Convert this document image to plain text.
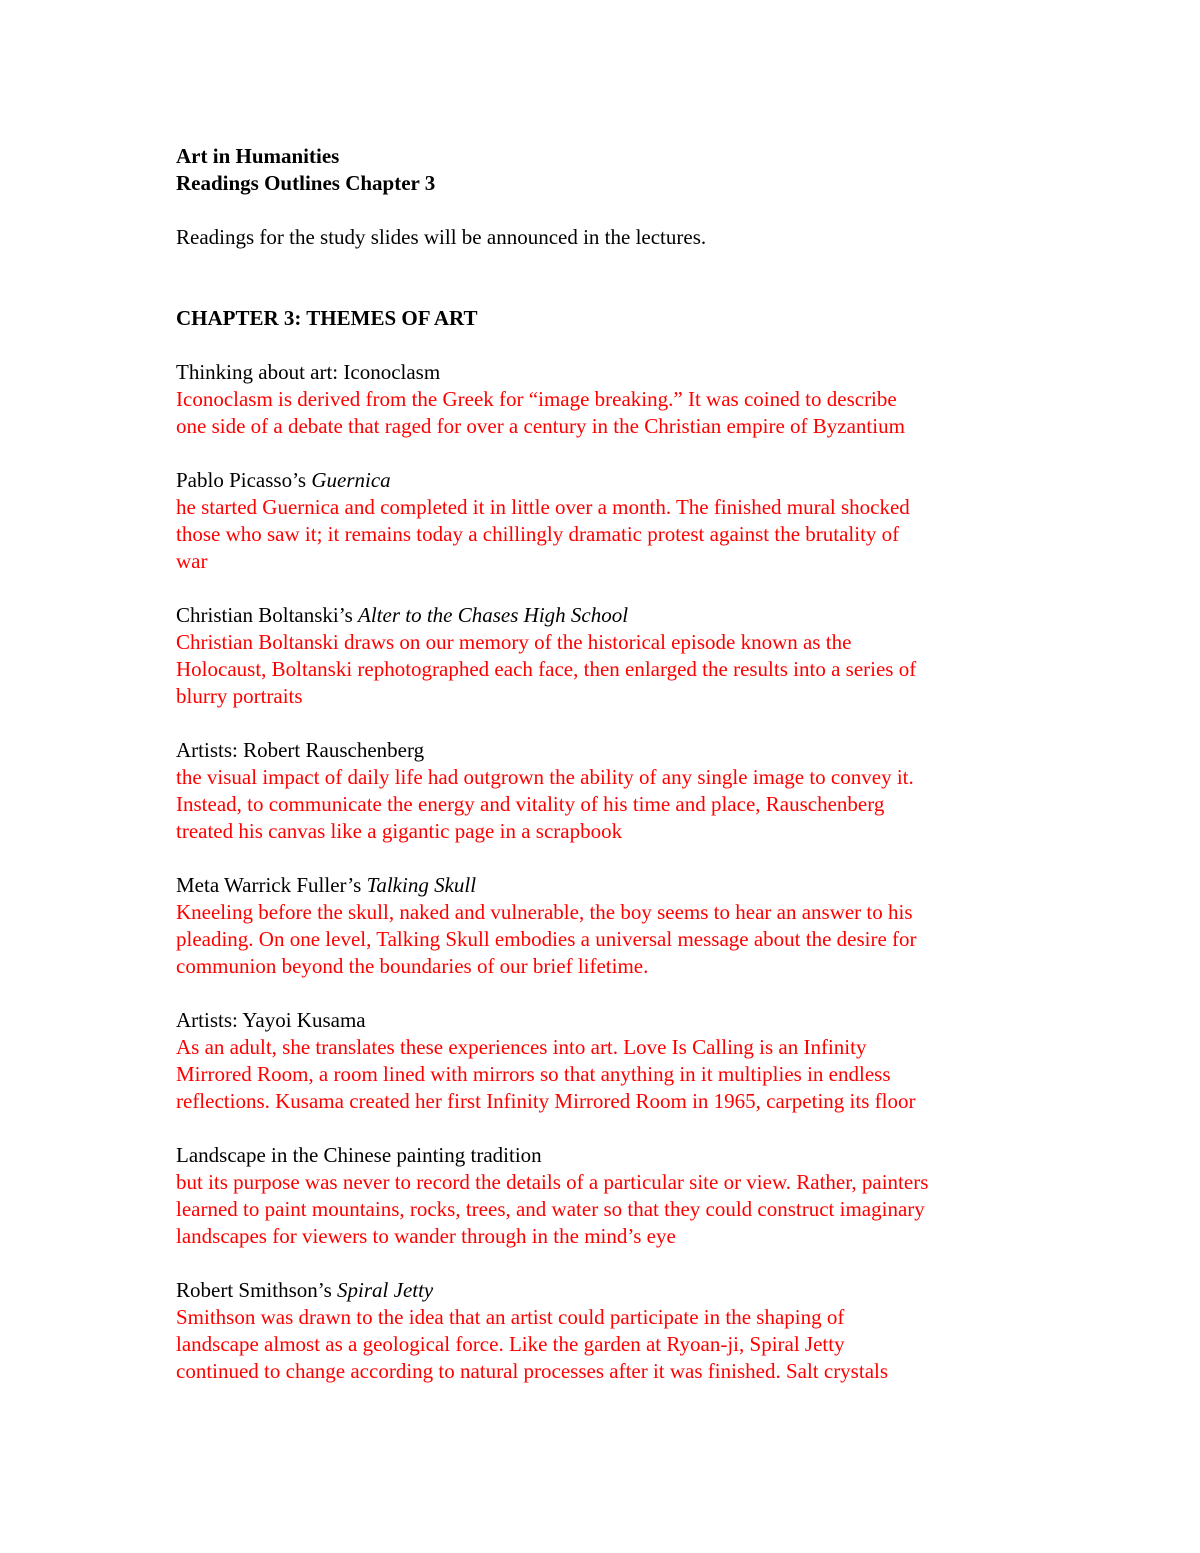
Art in Humanities
Readings Outlines Chapter 3
Readings for the study slides will be announced in the lectures.
CHAPTER 3: THEMES OF ART
Thinking about art: Iconoclasm
Iconoclasm is derived from the Greek for “image breaking.” It was coined to describe
one side of a debate that raged for over a century in the Christian empire of Byzantium
Pablo Picasso’s Guernica
he started Guernica and completed it in little over a month. The finished mural shocked
those who saw it; it remains today a chillingly dramatic protest against the brutality of
war
Christian Boltanski’s Alter to the Chases High School
Christian Boltanski draws on our memory of the historical episode known as the
Holocaust, Boltanski rephotographed each face, then enlarged the results into a series of
blurry portraits
Artists: Robert Rauschenberg
the visual impact of daily life had outgrown the ability of any single image to convey it.
Instead, to communicate the energy and vitality of his time and place, Rauschenberg
treated his canvas like a gigantic page in a scrapbook
Meta Warrick Fuller’s Talking Skull
Kneeling before the skull, naked and vulnerable, the boy seems to hear an answer to his
pleading. On one level, Talking Skull embodies a universal message about the desire for
communion beyond the boundaries of our brief lifetime.
Artists: Yayoi Kusama
As an adult, she translates these experiences into art. Love Is Calling is an Infinity
Mirrored Room, a room lined with mirrors so that anything in it multiplies in endless
reflections. Kusama created her first Infinity Mirrored Room in 1965, carpeting its floor
Landscape in the Chinese painting tradition
but its purpose was never to record the details of a particular site or view. Rather, painters
learned to paint mountains, rocks, trees, and water so that they could construct imaginary
landscapes for viewers to wander through in the mind’s eye
Robert Smithson’s Spiral Jetty
Smithson was drawn to the idea that an artist could participate in the shaping of
landscape almost as a geological force. Like the garden at Ryoan-ji, Spiral Jetty
continued to change according to natural processes after it was finished. Salt crystals
